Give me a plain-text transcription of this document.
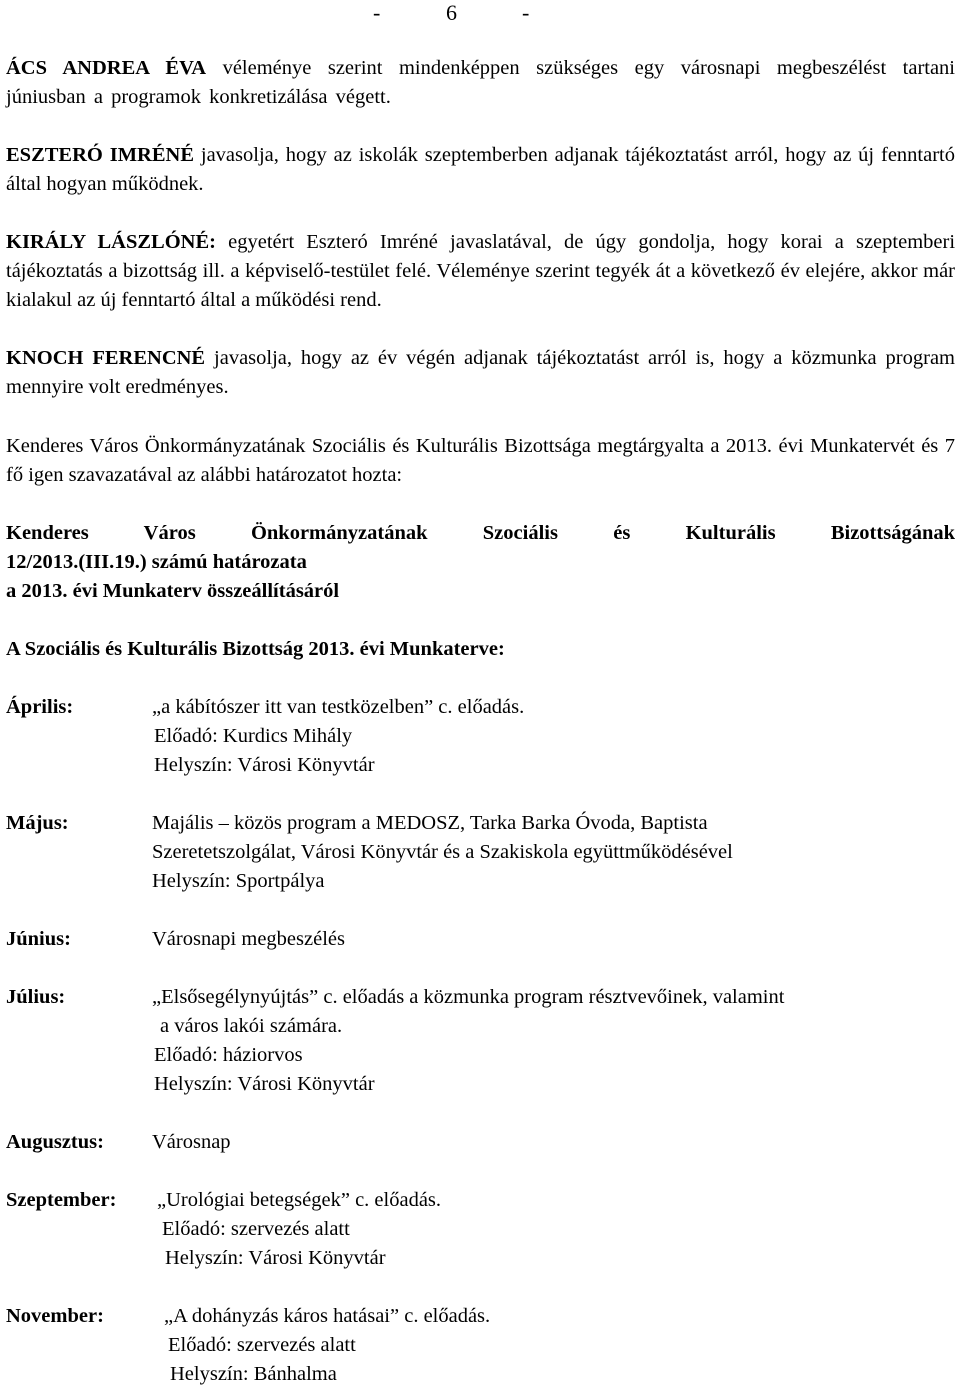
-	6	-

ÁCS ANDREA ÉVA véleménye szerint mindenképpen szükséges egy városnapi megbeszélést tartani júniusban a programok konkretizálása végett.

ESZTERÓ IMRÉNÉ javasolja, hogy az iskolák szeptemberben adjanak tájékoztatást arról, hogy az új fenntartó által hogyan működnek.

KIRÁLY LÁSZLÓNÉ: egyetért Eszteró Imréné javaslatával, de úgy gondolja, hogy korai a szeptemberi tájékoztatás a bizottság ill. a képviselő-testület felé. Véleménye szerint tegyék át a következő év elejére, akkor már kialakul az új fenntartó által a működési rend.

KNOCH FERENCNÉ javasolja, hogy az év végén adjanak tájékoztatást arról is, hogy a közmunka program mennyire volt eredményes.

Kenderes Város Önkormányzatának Szociális és Kulturális Bizottsága megtárgyalta a 2013. évi Munkatervét és 7 fő igen szavazatával az alábbi határozatot hozta:

Kenderes Város Önkormányzatának Szociális és Kulturális Bizottságának

12/2013.(III.19.) számú határozata

a 2013. évi Munkaterv összeállításáról

A Szociális és Kulturális Bizottság 2013. évi Munkaterve:

Április:	„a kábítószer itt van testközelben” c. előadás.

Előadó: Kurdics Mihály

Helyszín: Városi Könyvtár

Május:	Majális – közös program a MEDOSZ, Tarka Barka Óvoda, Baptista

Szeretetszolgálat, Városi Könyvtár és a Szakiskola együttműködésével

Helyszín: Sportpálya

Június:	Városnapi megbeszélés

Július:	„Elsősegélynyújtás” c. előadás a közmunka program résztvevőinek, valamint

a város lakói számára.

Előadó: háziorvos

Helyszín: Városi Könyvtár

Augusztus: Városnap

Szeptember: „Urológiai betegségek” c. előadás.

Előadó: szervezés alatt

Helyszín: Városi Könyvtár

November:	„A dohányzás káros hatásai” c. előadás.

Előadó: szervezés alatt

Helyszín: Bánhalma
